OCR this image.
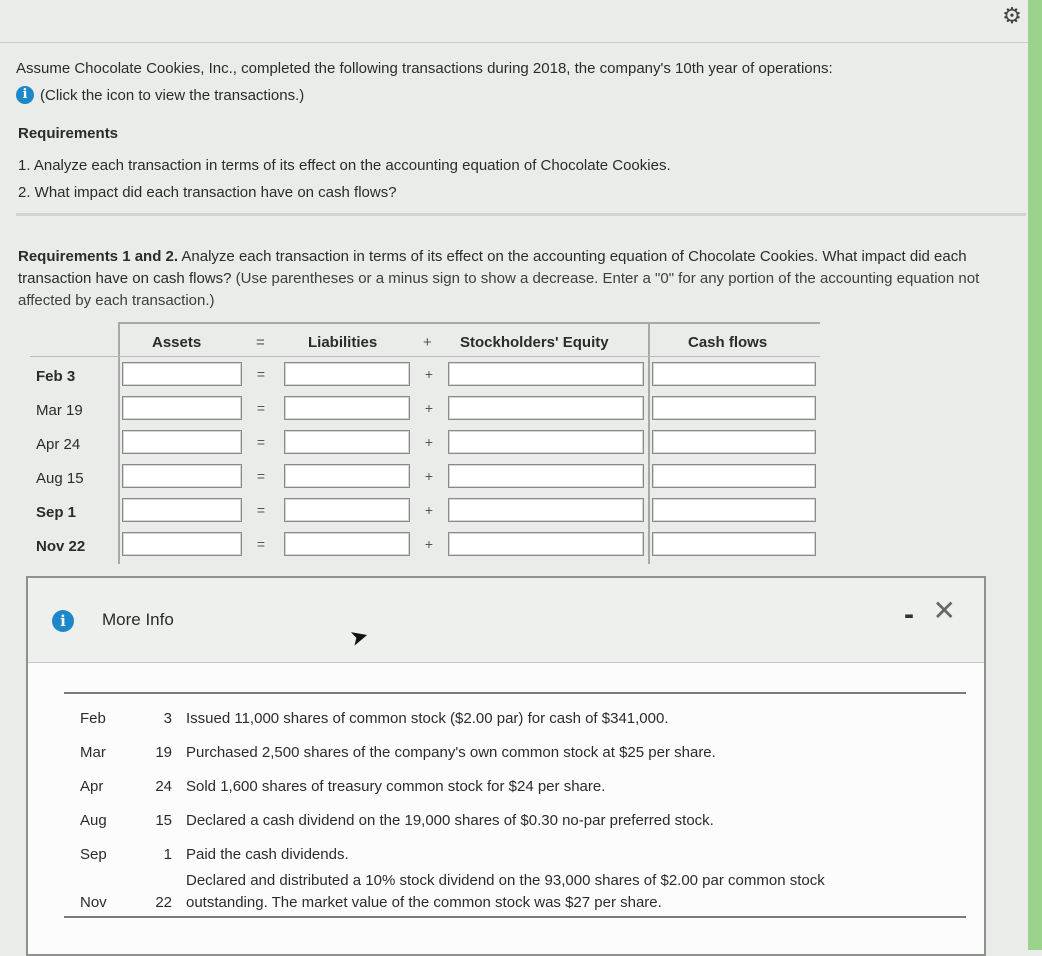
⚙
Assume Chocolate Cookies, Inc., completed the following transactions during 2018, the company's 10th year of operations:
i (Click the icon to view the transactions.)
Requirements
1. Analyze each transaction in terms of its effect on the accounting equation of Chocolate Cookies.
2. What impact did each transaction have on cash flows?
Requirements 1 and 2. Analyze each transaction in terms of its effect on the accounting equation of Chocolate Cookies. What impact did each transaction have on cash flows? (Use parentheses or a minus sign to show a decrease. Enter a "0" for any portion of the accounting equation not affected by each transaction.)
Assets	=	Liabilities	+ Stockholders' Equity	Cash flows
Feb 3	=	+
Mar 19	=	+
Apr 24	=	+
Aug 15	=	+
Sep 1	=	+
Nov 22	=	+
i	More Info	- ✕
➤
Feb	3 Issued 11,000 shares of common stock ($2.00 par) for cash of $341,000.
Mar	19 Purchased 2,500 shares of the company's own common stock at $25 per share.
Apr	24 Sold 1,600 shares of treasury common stock for $24 per share.
Aug	15 Declared a cash dividend on the 19,000 shares of $0.30 no-par preferred stock.
Sep	1 Paid the cash dividends.
Nov	22
Declared and distributed a 10% stock dividend on the 93,000 shares of $2.00 par common stock
outstanding. The market value of the common stock was $27 per share.
